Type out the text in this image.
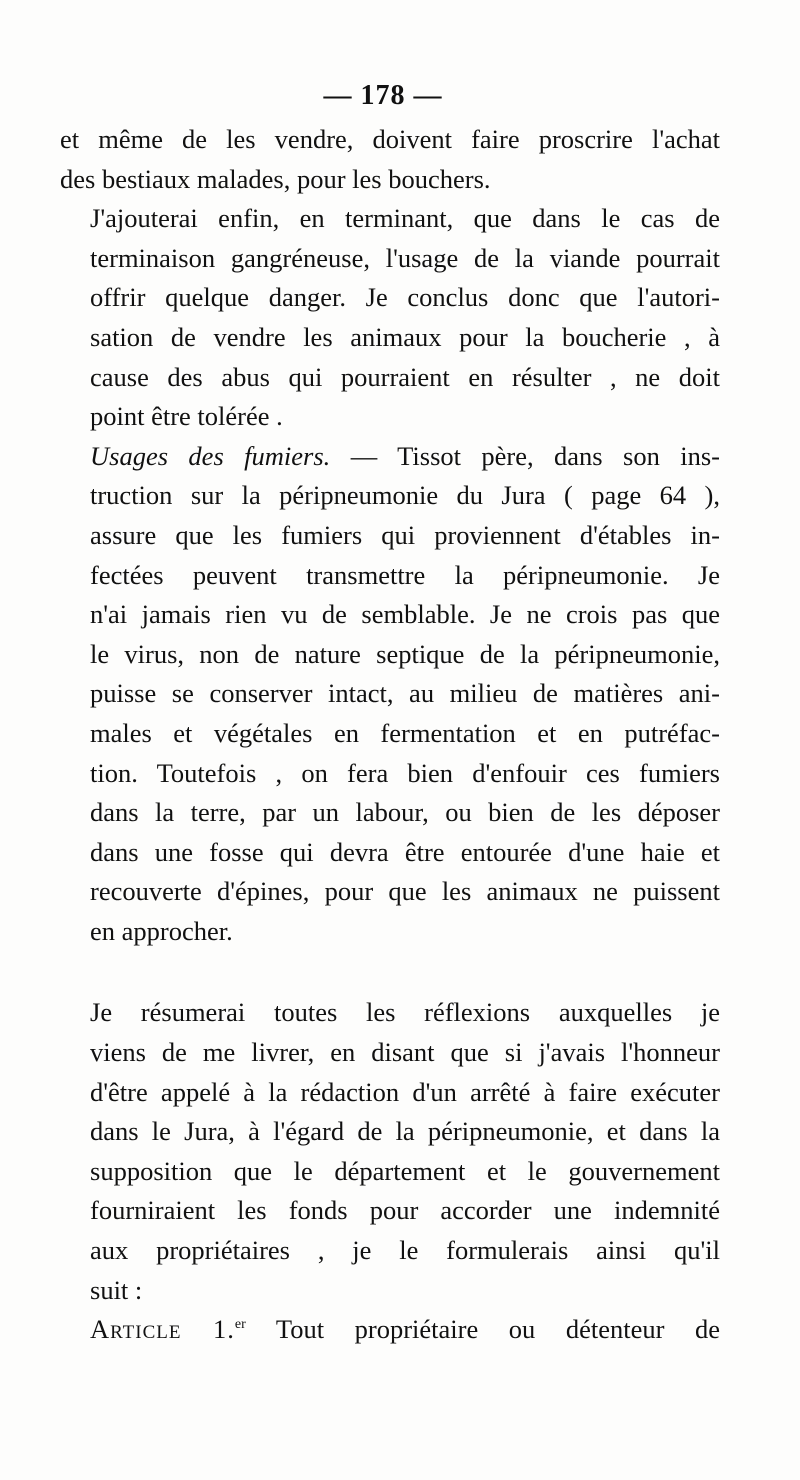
— 178 —

et même de les vendre, doivent faire proscrire l'achat
des bestiaux malades, pour les bouchers.

J'ajouterai enfin, en terminant, que dans le cas de
terminaison gangréneuse, l'usage de la viande pourrait
offrir quelque danger. Je conclus donc que l'autori-
sation de vendre les animaux pour la boucherie , à
cause des abus qui pourraient en résulter , ne doit
point être tolérée .

Usages des fumiers. — Tissot père, dans son ins-
truction sur la péripneumonie du Jura ( page 64 ),
assure que les fumiers qui proviennent d'étables in-
fectées peuvent transmettre la péripneumonie. Je
n'ai jamais rien vu de semblable. Je ne crois pas que
le virus, non de nature septique de la péripneumonie,
puisse se conserver intact, au milieu de matières ani-
males et végétales en fermentation et en putréfac-
tion. Toutefois , on fera bien d'enfouir ces fumiers
dans la terre, par un labour, ou bien de les déposer
dans une fosse qui devra être entourée d'une haie et
recouverte d'épines, pour que les animaux ne puissent
en approcher.

Je résumerai toutes les réflexions auxquelles je
viens de me livrer, en disant que si j'avais l'honneur
d'être appelé à la rédaction d'un arrêté à faire exécuter
dans le Jura, à l'égard de la péripneumonie, et dans la
supposition que le département et le gouvernement
fourniraient les fonds pour accorder une indemnité
aux propriétaires , je le formulerais ainsi qu'il
suit :

Article 1.$^{er}$ Tout propriétaire ou détenteur de
